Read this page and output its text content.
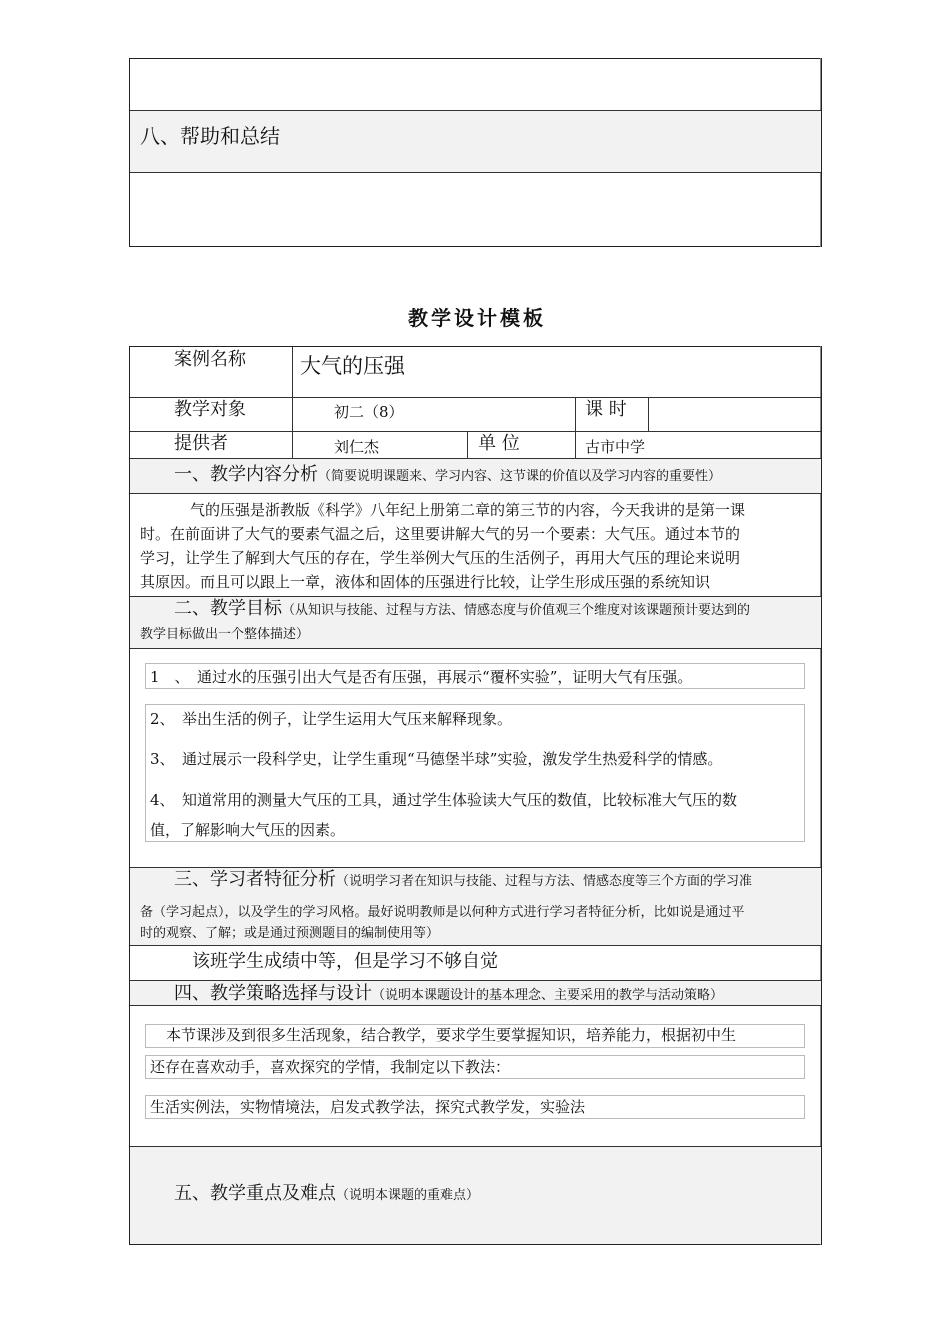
八、帮助和总结
教学设计模板
案例名称	大气的压强
教学对象	初二（8）	课 时
提供者	刘仁杰	单 位	古市中学
一、教学内容分析（简要说明课题来、学习内容、这节课的价值以及学习内容的重要性）
气的压强是浙教版《科学》八年纪上册第二章的第三节的内容，今天我讲的是第一课
时。在前面讲了大气的要素气温之后，这里要讲解大气的另一个要素：大气压。通过本节的
学习，让学生了解到大气压的存在，学生举例大气压的生活例子，再用大气压的理论来说明
其原因。而且可以跟上一章，液体和固体的压强进行比较，让学生形成压强的系统知识
二、教学目标（从知识与技能、过程与方法、情感态度与价值观三个维度对该课题预计要达到的
教学目标做出一个整体描述）
1　、　通过水的压强引出大气是否有压强，再展示“覆杯实验”，证明大气有压强。
2、　举出生活的例子，让学生运用大气压来解释现象。
3、　通过展示一段科学史，让学生重现“马德堡半球”实验，激发学生热爱科学的情感。
4、　知道常用的测量大气压的工具，通过学生体验读大气压的数值，比较标准大气压的数
值，了解影响大气压的因素。
三、学习者特征分析（说明学习者在知识与技能、过程与方法、情感态度等三个方面的学习准
备（学习起点），以及学生的学习风格。最好说明教师是以何种方式进行学习者特征分析，比如说是通过平
时的观察、了解；或是通过预测题目的编制使用等）
该班学生成绩中等，但是学习不够自觉
四、教学策略选择与设计（说明本课题设计的基本理念、主要采用的教学与活动策略）
本节课涉及到很多生活现象，结合教学，要求学生要掌握知识，培养能力，根据初中生
还存在喜欢动手，喜欢探究的学情，我制定以下教法：
生活实例法，实物情境法，启发式教学法，探究式教学发，实验法
五、教学重点及难点（说明本课题的重难点）
